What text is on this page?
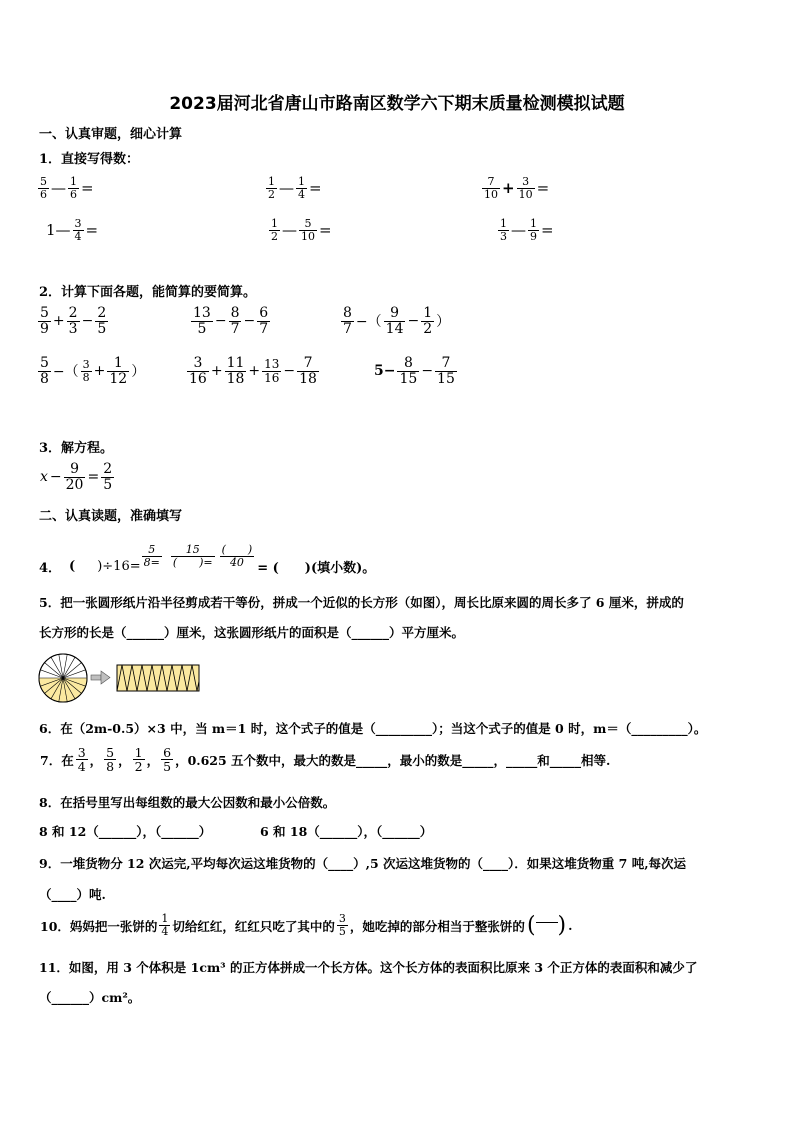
2023届河北省唐山市路南区数学六下期末质量检测模拟试题
一、认真审题，细心计算
1．直接写得数：
$\frac{5}{6}$ — $\frac{1}{6}$ =	$\frac{1}{2}$ — $\frac{1}{4}$ =	$\frac{7}{10} + \frac{3}{10}$ =
1— $\frac{3}{4}$ =	$\frac{1}{2}$ — $\frac{5}{10}$ =	$\frac{1}{3}$ — $\frac{1}{9}$ =
2．计算下面各题，能简算的要简算。
$\frac{5}{9} + \frac{2}{3} - \frac{2}{5}$	$\frac{13}{5} - \frac{8}{7} - \frac{6}{7}$	$\frac{8}{7}$ −（ $\frac{9}{14} - \frac{1}{2}$ ）
$\frac{5}{8}$ −（ $\frac{3}{8} + \frac{1}{12}$ ）	$\frac{3}{16} + \frac{11}{18} + \frac{13}{16} - \frac{7}{18}$	$5- \frac{8}{15} - \frac{7}{15}$
3．解方程。
$x - \frac{9}{20} = \frac{2}{5}$
二、认真读题，准确填写
4． ( )$\div 16= \frac{5}{8=} \frac{15}{( )=} \frac{( )}{40}$ = (　　)(填小数)。
5．把一张圆形纸片沿半径剪成若干等份，拼成一个近似的长方形（如图），周长比原来圆的周长多了 6 厘米，拼成的
长方形的长是（______）厘米，这张圆形纸片的面积是（______）平方厘米。
6．在（2m-0.5）×3 中，当 m＝1 时，这个式子的值是（_________）；当这个式子的值是 0 时，m＝（_________）。
7．在 $\frac{3}{4}$ ， $\frac{5}{8}$ ， $\frac{1}{2}$ ， $\frac{6}{5}$ ，0.625 五个数中，最大的数是_____，最小的数是_____，_____和_____相等.
8．在括号里写出每组数的最大公因数和最小公倍数。
8 和 12（______），（______）	6 和 18（______），（______）
9．一堆货物分 12 次运完,平均每次运这堆货物的（____）,5 次运这堆货物的（____）．如果这堆货物重 7 吨,每次运
（____）吨.
10．妈妈把一张饼的 $\frac{1}{4}$ 切给红红，红红只吃了其中的 $\frac{3}{5}$ ，她吃掉的部分相当于整张饼的( ) .
11．如图，用 3 个体积是 1cm³ 的正方体拼成一个长方体。这个长方体的表面积比原来 3 个正方体的表面积和减少了
（______）cm²。
